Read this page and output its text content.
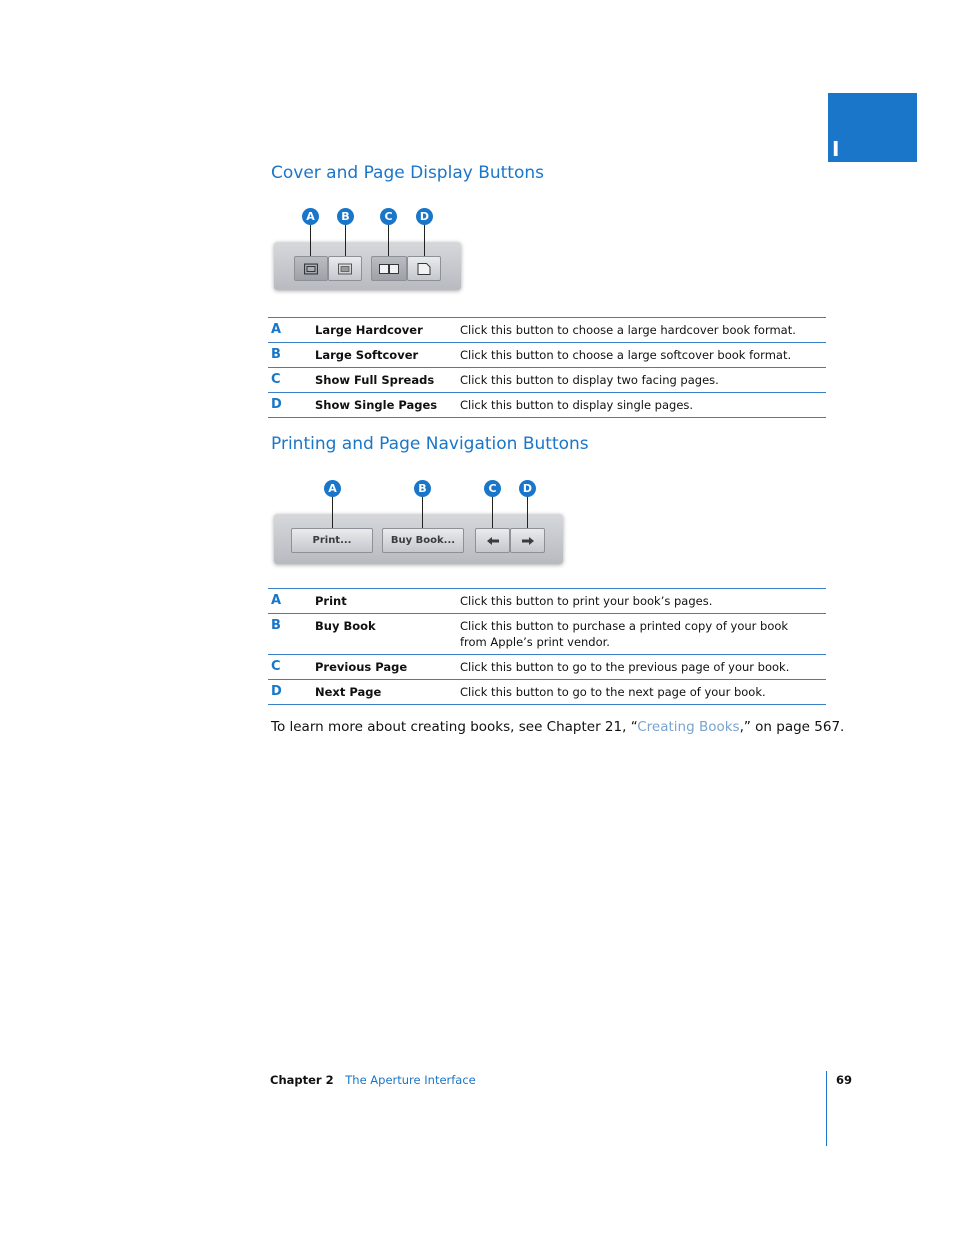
I
Cover and Page Display Buttons
A	B	C	D
A	Large Hardcover	Click this button to choose a large hardcover book format.
B	Large Softcover	Click this button to choose a large softcover book format.
C	Show Full Spreads	Click this button to display two facing pages.
D	Show Single Pages	Click this button to display single pages.
Printing and Page Navigation Buttons
A	B	C	D
Print...	Buy Book...
A	Print	Click this button to print your book’s pages.
B	Buy Book	Click this button to purchase a printed copy of your book from Apple’s print vendor.
C	Previous Page	Click this button to go to the previous page of your book.
D	Next Page	Click this button to go to the next page of your book.

To learn more about creating books, see Chapter 21, “Creating Books,” on page 567.

Chapter 2 The Aperture Interface	69
